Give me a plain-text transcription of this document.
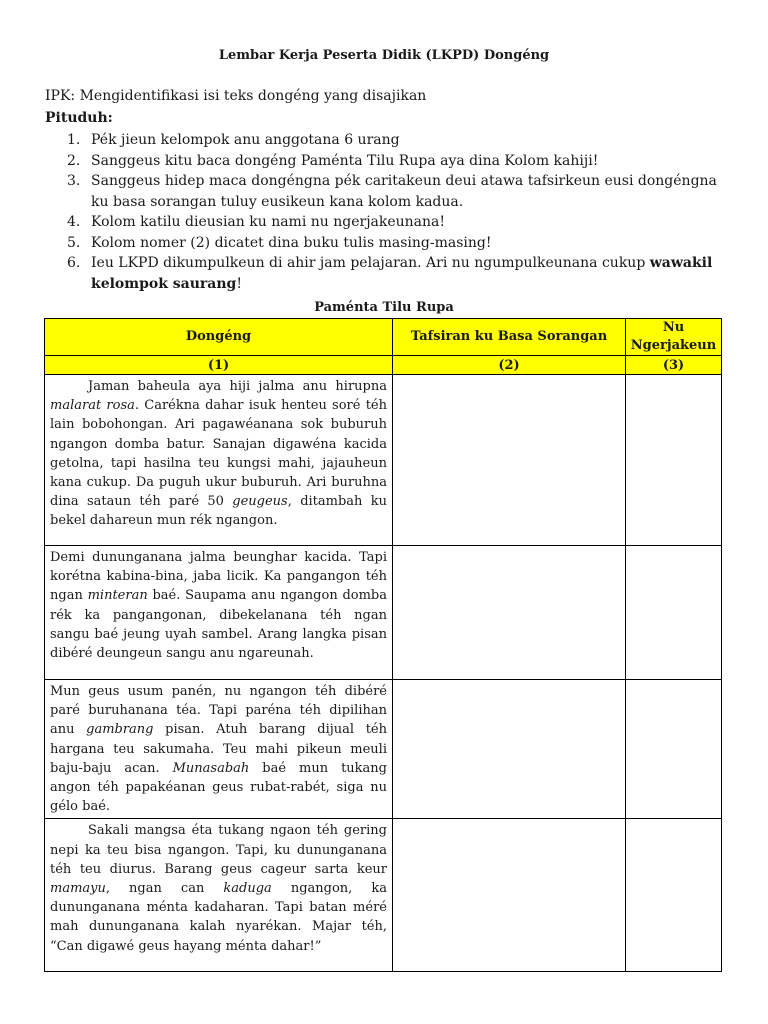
Lembar Kerja Peserta Didik (LKPD) Dongéng
IPK: Mengidentifikasi isi teks dongéng yang disajikan
Pituduh:
1. Pék jieun kelompok anu anggotana 6 urang
2. Sanggeus kitu baca dongéng Paménta Tilu Rupa aya dina Kolom kahiji!
3. Sanggeus hidep maca dongéngna pék caritakeun deui atawa tafsirkeun eusi dongéngna ku basa sorangan tuluy eusikeun kana kolom kadua.
4. Kolom katilu dieusian ku nami nu ngerjakeunana!
5. Kolom nomer (2) dicatet dina buku tulis masing-masing!
6. Ieu LKPD dikumpulkeun di ahir jam pelajaran. Ari nu ngumpulkeunana cukup wawakil kelompok saurang!
Paménta Tilu Rupa
Dongéng	Tafsiran ku Basa Sorangan	Nu Ngerjakeun
(1)	(2)	(3)
Jaman baheula aya hiji jalma anu hirupna malarat rosa. Carékna dahar isuk henteu soré téh lain bobohongan. Ari pagawéanana sok buburuh ngangon domba batur. Sanajan digawéna kacida getolna, tapi hasilna teu kungsi mahi, jajauheun kana cukup. Da puguh ukur buburuh. Ari buruhna dina sataun téh paré 50 geugeus, ditambah ku bekel dahareun mun rék ngangon.		
Demi dununganana jalma beunghar kacida. Tapi korétna kabina-bina, jaba licik. Ka pangangon téh ngan minteran baé. Saupama anu ngangon domba rék ka pangangonan, dibekelanana téh ngan sangu baé jeung uyah sambel. Arang langka pisan dibéré deungeun sangu anu ngareunah.		
Mun geus usum panén, nu ngangon téh dibéré paré buruhanana téa. Tapi paréna téh dipilihan anu gambrang pisan. Atuh barang dijual téh hargana teu sakumaha. Teu mahi pikeun meuli baju-baju acan. Munasabah baé mun tukang angon téh papakéanan geus rubat-rabét, siga nu gélo baé.		
Sakali mangsa éta tukang ngaon téh gering nepi ka teu bisa ngangon. Tapi, ku dununganana téh teu diurus. Barang geus cageur sarta keur mamayu, ngan can kaduga ngangon, ka dununganana ménta kadaharan. Tapi batan méré mah dununganana kalah nyarékan. Majar téh, “Can digawé geus hayang ménta dahar!”		
